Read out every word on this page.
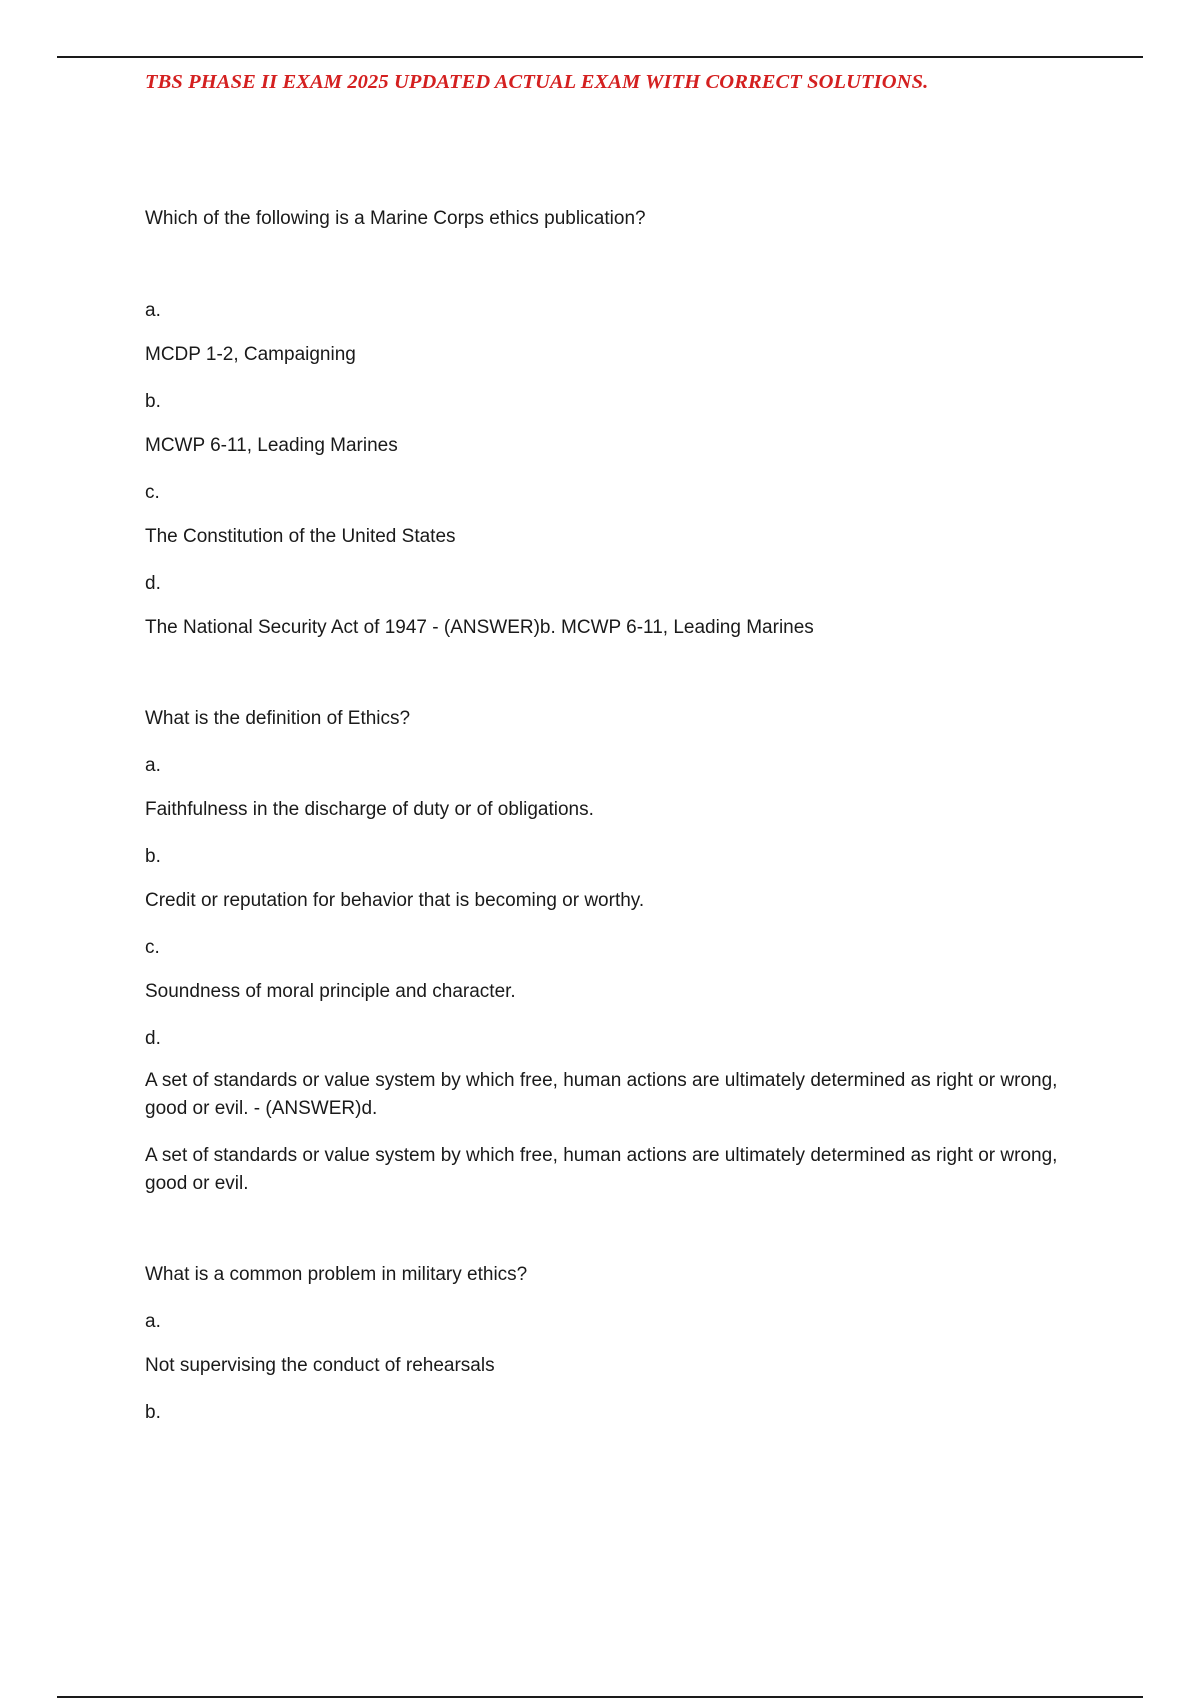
TBS PHASE II EXAM 2025 UPDATED ACTUAL EXAM WITH CORRECT SOLUTIONS.
Which of the following is a Marine Corps ethics publication?
a.
MCDP 1-2, Campaigning
b.
MCWP 6-11, Leading Marines
c.
The Constitution of the United States
d.
The National Security Act of 1947 - (ANSWER)b. MCWP 6-11, Leading Marines
What is the definition of Ethics?
a.
Faithfulness in the discharge of duty or of obligations.
b.
Credit or reputation for behavior that is becoming or worthy.
c.
Soundness of moral principle and character.
d.
A set of standards or value system by which free, human actions are ultimately determined as right or wrong, good or evil. - (ANSWER)d.
A set of standards or value system by which free, human actions are ultimately determined as right or wrong, good or evil.
What is a common problem in military ethics?
a.
Not supervising the conduct of rehearsals
b.
